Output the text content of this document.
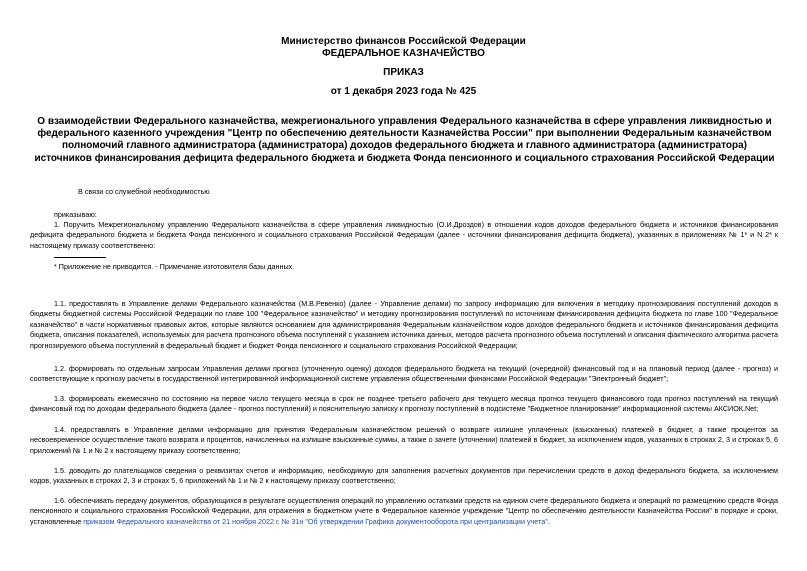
Министерство финансов Российской Федерации
ФЕДЕРАЛЬНОЕ КАЗНАЧЕЙСТВО
ПРИКАЗ
от 1 декабря 2023 года № 425
О взаимодействии Федерального казначейства, межрегионального управления Федерального казначейства в сфере управления ликвидностью и федерального казенного учреждения "Центр по обеспечению деятельности Казначейства России" при выполнении Федеральным казначейством полномочий главного администратора (администратора) доходов федерального бюджета и главного администратора (администратора) источников финансирования дефицита федерального бюджета и бюджета Фонда пенсионного и социального страхования Российской Федерации
В связи со служебной необходимостью
приказываю:
1. Поручить Межрегиональному управлению Федерального казначейства в сфере управления ликвидностью (О.И.Дроздов) в отношении кодов доходов федерального бюджета и источников финансирования дефицита федерального бюджета и бюджета Фонда пенсионного и социального страхования Российской Федерации (далее - источники финансирования дефицита бюджета), указанных в приложениях № 1* и N 2* к настоящему приказу соответственно:
* Приложение не приводится. - Примечание изготовителя базы данных.
1.1. предоставлять в Управление делами Федерального казначейства (М.В.Ревенко) (далее - Управление делами) по запросу информацию для включения в методику прогнозирования поступлений доходов в бюджеты бюджетной системы Российской Федерации по главе 100 "Федеральное казначейство" и методику прогнозирования поступлений по источникам финансирования дефицита бюджета по главе 100 "Федеральное казначейство" в части нормативных правовых актов, которые являются основанием для администрирования Федеральным казначейством кодов доходов федерального бюджета и источников финансирования дефицита бюджета, описания показателей, используемых для расчета прогнозного объема поступлений с указанием источника данных, методов расчета прогнозного объема поступлений и описания фактического алгоритма расчета прогнозируемого объема поступлений в федеральный бюджет и бюджет Фонда пенсионного и социального страхования Российской Федерации;
1.2. формировать по отдельным запросам Управления делами прогноз (уточненную оценку) доходов федерального бюджета на текущий (очередной) финансовый год и на плановый период (далее - прогноз) и соответствующие к прогнозу расчеты в государственной интегрированной информационной системе управления общественными финансами Российской Федерации "Электронный бюджет";
1.3. формировать ежемесячно по состоянию на первое число текущего месяца в срок не позднее третьего рабочего дня текущего месяца прогноз текущего финансового года прогноз поступлений на текущий финансовый год по доходам федерального бюджета (далее - прогноз поступлений) и пояснительную записку к прогнозу поступлений в подсистеме "Бюджетное планирование" информационной системы АКСИОК.Net;
1.4. предоставлять в Управление делами информацию для принятия Федеральным казначейством решений о возврате излишне уплаченных (взысканных) платежей в бюджет, а также процентов за несвоевременное осуществление такого возврата и процентов, начисленных на излишне взысканные суммы, а также о зачете (уточнении) платежей в бюджет, за исключением кодов, указанных в строках 2, 3 и строках 5, 6 приложений № 1 и № 2 к настоящему приказу соответственно;
1.5. доводить до плательщиков сведения о реквизитах счетов и информацию, необходимую для заполнения расчетных документов при перечислении средств в доход федерального бюджета, за исключением кодов, указанных в строках 2, 3 и строках 5, 6 приложений № 1 и № 2 к настоящему приказу соответственно;
1.6. обеспечивать передачу документов, образующихся в результате осуществления операций по управлению остатками средств на едином счете федерального бюджета и операций по размещению средств Фонда пенсионного и социального страхования Российской Федерации, для отражения в бюджетном учете в Федеральное казенное учреждение "Центр по обеспечению деятельности Казначейства России" в порядке и сроки, установленные приказом Федерального казначейства от 21 ноября 2022 г. № 31н "Об утверждении Графика документооборота при централизации учета".
